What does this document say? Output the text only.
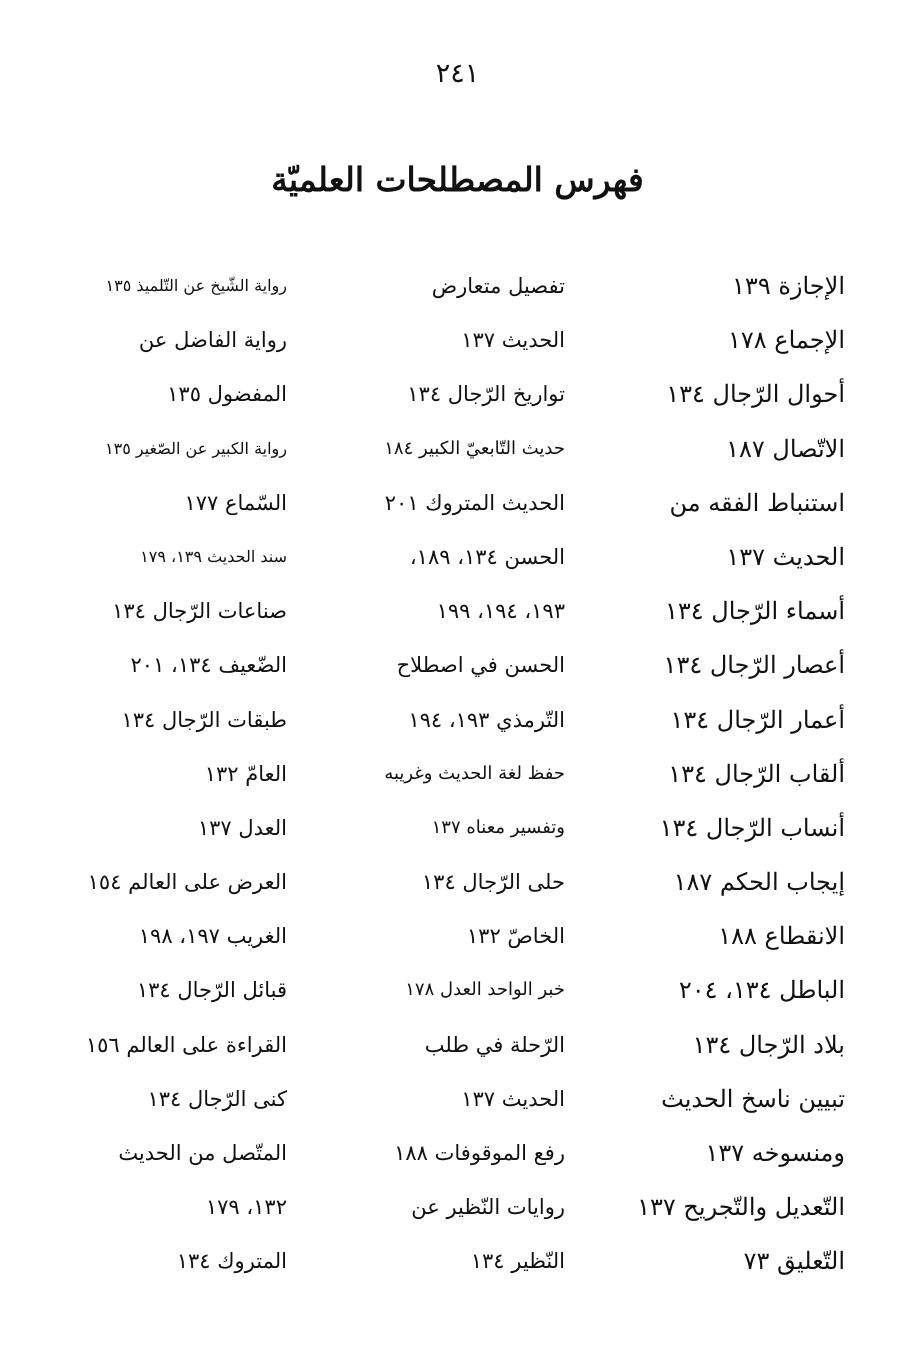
٢٤١
فهرس المصطلحات العلميّة
الإجازة ١٣٩
الإجماع ١٧٨
أحوال الرّجال ١٣٤
الاتّصال ١٨٧
استنباط الفقه من
الحديث ١٣٧
أسماء الرّجال ١٣٤
أعصار الرّجال ١٣٤
أعمار الرّجال ١٣٤
ألقاب الرّجال ١٣٤
أنساب الرّجال ١٣٤
إيجاب الحكم ١٨٧
الانقطاع ١٨٨
الباطل ١٣٤، ٢٠٤
بلاد الرّجال ١٣٤
تبيين ناسخ الحديث
ومنسوخه ١٣٧
التّعديل والتّجريح ١٣٧
التّعليق ٧٣
تفصيل متعارض
الحديث ١٣٧
تواريخ الرّجال ١٣٤
حديث التّابعيّ الكبير ١٨٤
الحديث المتروك ٢٠١
الحسن ١٣٤، ١٨٩،
١٩٣، ١٩٤، ١٩٩
الحسن في اصطلاح
التّرمذي ١٩٣، ١٩٤
حفظ لغة الحديث وغريبه
وتفسير معناه ١٣٧
حلى الرّجال ١٣٤
الخاصّ ١٣٢
خبر الواحد العدل ١٧٨
الرّحلة في طلب
الحديث ١٣٧
رفع الموقوفات ١٨٨
روايات النّظير عن
النّظير ١٣٤
رواية الشّيخ عن التّلميذ ١٣٥
رواية الفاضل عن
المفضول ١٣٥
رواية الكبير عن الصّغير ١٣٥
السّماع ١٧٧
سند الحديث ١٣٩، ١٧٩
صناعات الرّجال ١٣٤
الضّعيف ١٣٤، ٢٠١
طبقات الرّجال ١٣٤
العامّ ١٣٢
العدل ١٣٧
العرض على العالم ١٥٤
الغريب ١٩٧، ١٩٨
قبائل الرّجال ١٣٤
القراءة على العالم ١٥٦
كنى الرّجال ١٣٤
المتّصل من الحديث
١٣٢، ١٧٩
المتروك ١٣٤
